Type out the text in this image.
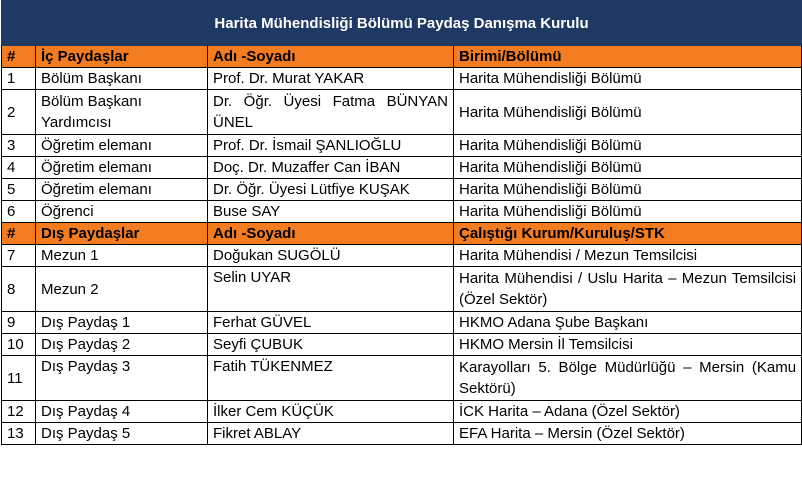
Harita Mühendisliği Bölümü Paydaş Danışma Kurulu			
#	İç Paydaşlar	Adı -Soyadı	Birimi/Bölümü
1	Bölüm Başkanı	Prof. Dr. Murat YAKAR	Harita Mühendisliği Bölümü
2	Bölüm Başkanı Yardımcısı	Dr. Öğr. Üyesi Fatma BÜNYAN ÜNEL	Harita Mühendisliği Bölümü
3	Öğretim elemanı	Prof. Dr. İsmail ŞANLIOĞLU	Harita Mühendisliği Bölümü
4	Öğretim elemanı	Doç. Dr. Muzaffer Can İBAN	Harita Mühendisliği Bölümü
5	Öğretim elemanı	Dr. Öğr. Üyesi Lütfiye KUŞAK	Harita Mühendisliği Bölümü
6	Öğrenci	Buse SAY	Harita Mühendisliği Bölümü
#	Dış Paydaşlar	Adı -Soyadı	Çalıştığı Kurum/Kuruluş/STK
7	Mezun 1	Doğukan SUGÖLÜ	Harita Mühendisi / Mezun Temsilcisi
8	Mezun 2	Selin UYAR	Harita Mühendisi / Uslu Harita – Mezun Temsilcisi (Özel Sektör)
9	Dış Paydaş 1	Ferhat GÜVEL	HKMO Adana Şube Başkanı
10	Dış Paydaş 2	Seyfi ÇUBUK	HKMO Mersin İl Temsilcisi
11	Dış Paydaş 3	Fatih TÜKENMEZ	Karayolları 5. Bölge Müdürlüğü – Mersin (Kamu Sektörü)
12	Dış Paydaş 4	İlker Cem KÜÇÜK	İCK Harita – Adana (Özel Sektör)
13	Dış Paydaş 5	Fikret ABLAY	EFA Harita – Mersin (Özel Sektör)
